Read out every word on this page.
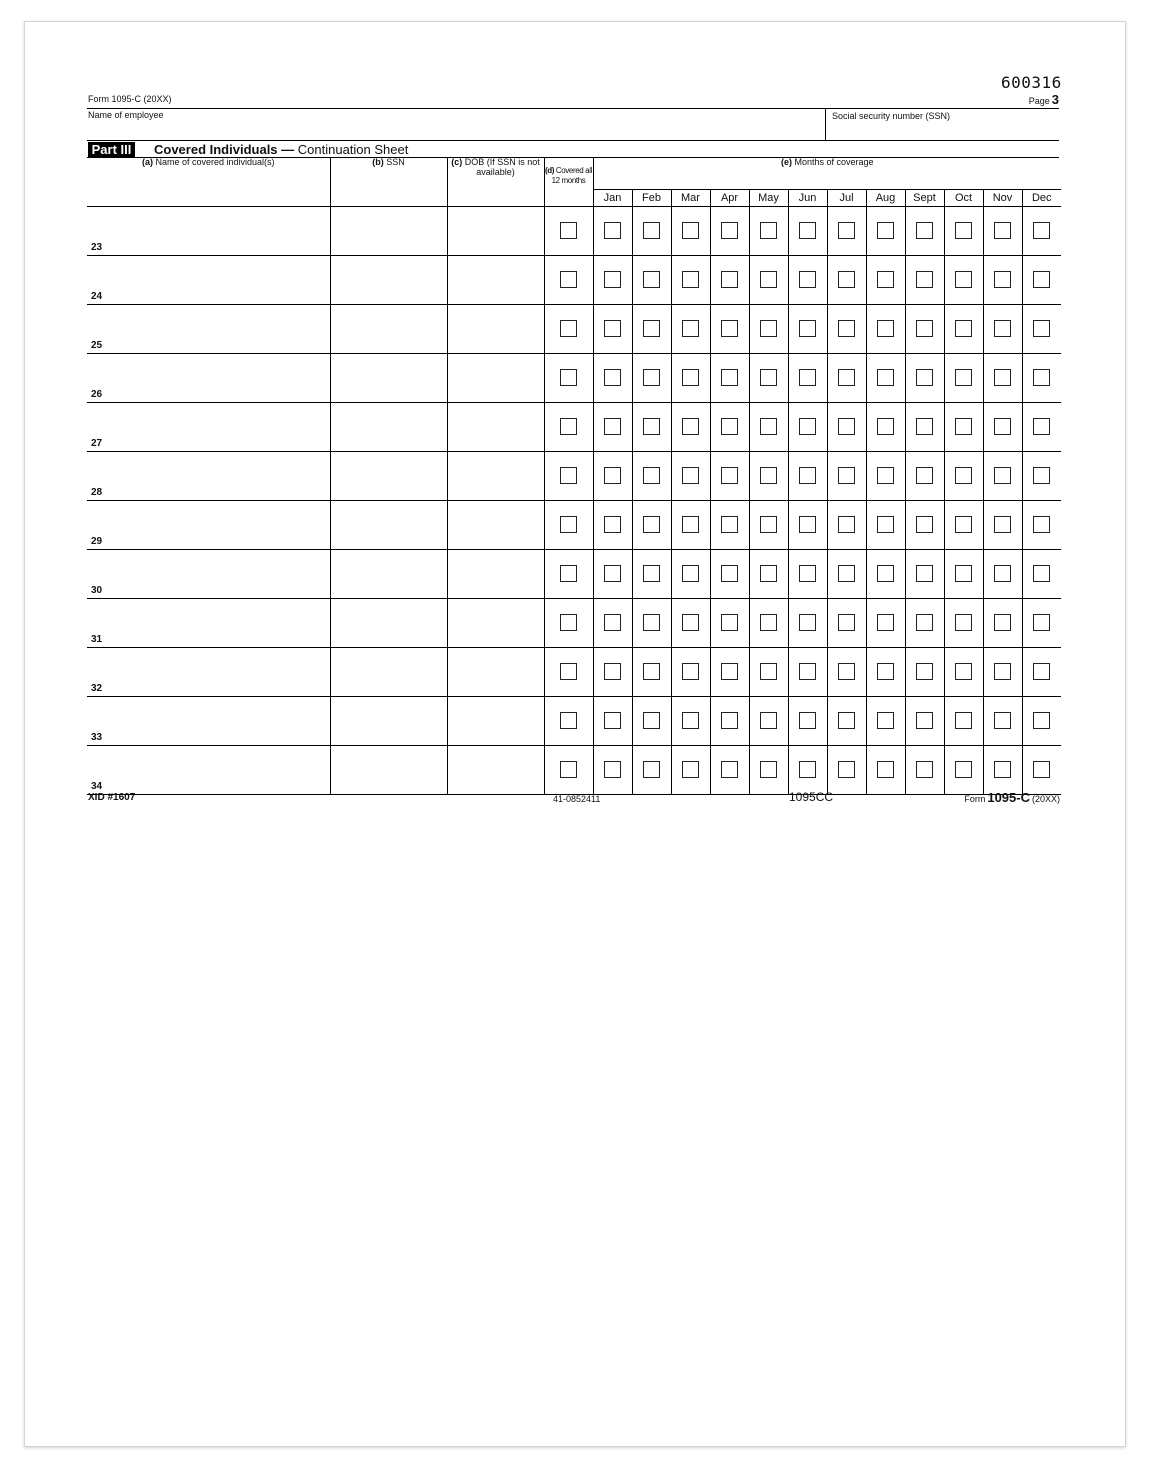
600316
Form 1095-C (20XX)	Page 3
Name of employee	Social security number (SSN)
Part III Covered Individuals — Continuation Sheet
(a) Name of covered individual(s)	(b) SSN	(c) DOB (If SSN is not available)	(d) Covered all 12 months	(e) Months of coverage											
				Jan	Feb	Mar	Apr	May	Jun	Jul	Aug	Sept	Oct	Nov	Dec

23															

24															

25															

26															

27															

28															

29															

30															

31															

32															

33															

34															

XID #1607	41-0852411	1095CC	Form 1095-C (20XX)
